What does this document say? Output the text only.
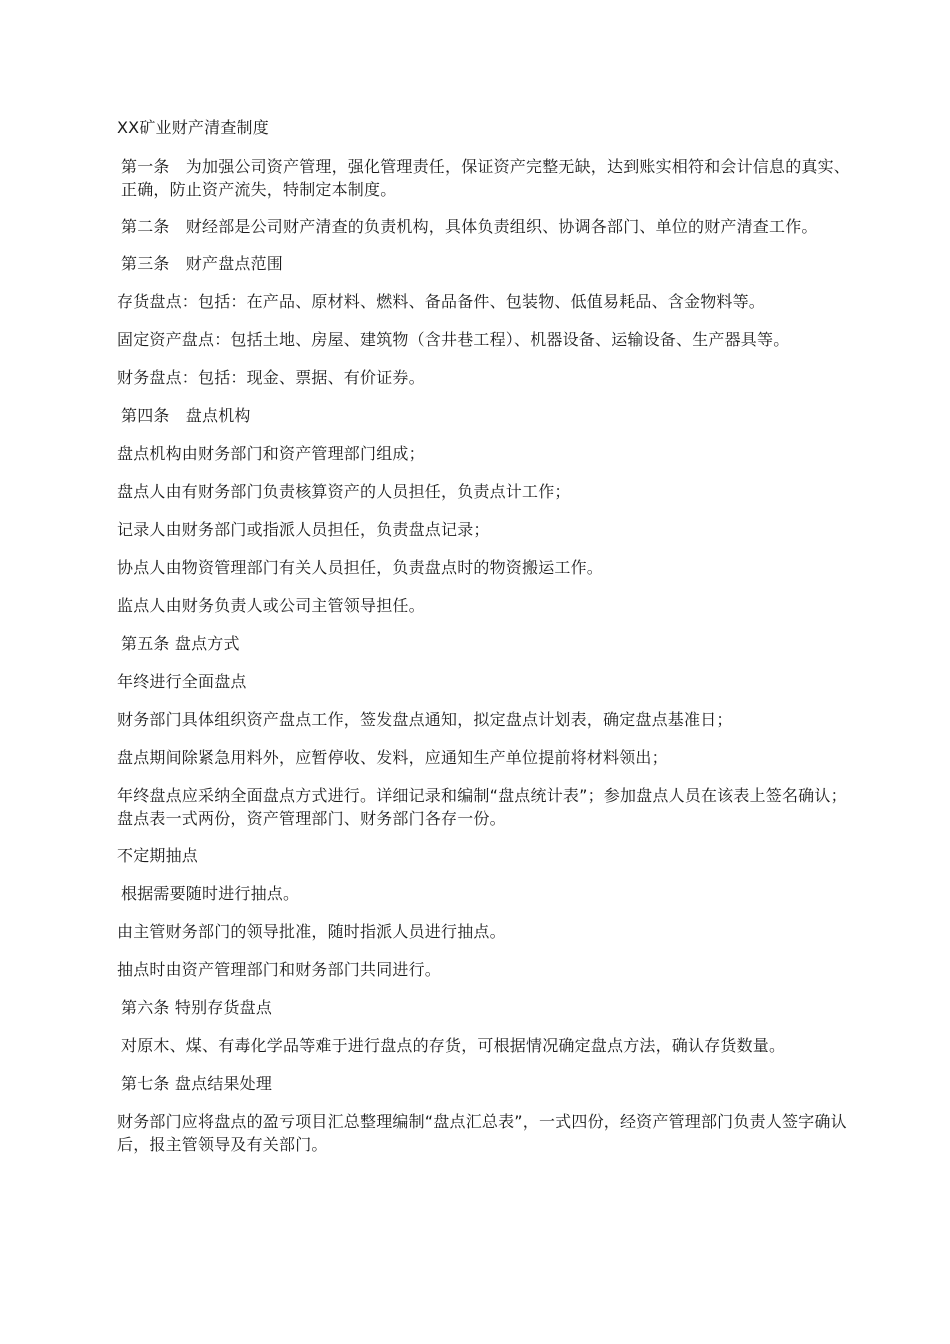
XX矿业财产清查制度
第一条　为加强公司资产管理，强化管理责任，保证资产完整无缺，达到账实相符和会计信息的真实、正确，防止资产流失，特制定本制度。
第二条　财经部是公司财产清查的负责机构，具体负责组织、协调各部门、单位的财产清查工作。
第三条　财产盘点范围
存货盘点：包括：在产品、原材料、燃料、备品备件、包装物、低值易耗品、含金物料等。
固定资产盘点：包括土地、房屋、建筑物（含井巷工程）、机器设备、运输设备、生产器具等。
财务盘点：包括：现金、票据、有价证券。
第四条　盘点机构
盘点机构由财务部门和资产管理部门组成；
盘点人由有财务部门负责核算资产的人员担任，负责点计工作；
记录人由财务部门或指派人员担任，负责盘点记录；
协点人由物资管理部门有关人员担任，负责盘点时的物资搬运工作。
监点人由财务负责人或公司主管领导担任。
第五条 盘点方式
年终进行全面盘点
财务部门具体组织资产盘点工作，签发盘点通知，拟定盘点计划表，确定盘点基准日；
盘点期间除紧急用料外，应暂停收、发料，应通知生产单位提前将材料领出；
年终盘点应采纳全面盘点方式进行。详细记录和编制“盘点统计表”；参加盘点人员在该表上签名确认；盘点表一式两份，资产管理部门、财务部门各存一份。
不定期抽点
根据需要随时进行抽点。
由主管财务部门的领导批准，随时指派人员进行抽点。
抽点时由资产管理部门和财务部门共同进行。
第六条 特别存货盘点
对原木、煤、有毒化学品等难于进行盘点的存货，可根据情况确定盘点方法，确认存货数量。
第七条 盘点结果处理
财务部门应将盘点的盈亏项目汇总整理编制“盘点汇总表”，一式四份，经资产管理部门负责人签字确认后，报主管领导及有关部门。
